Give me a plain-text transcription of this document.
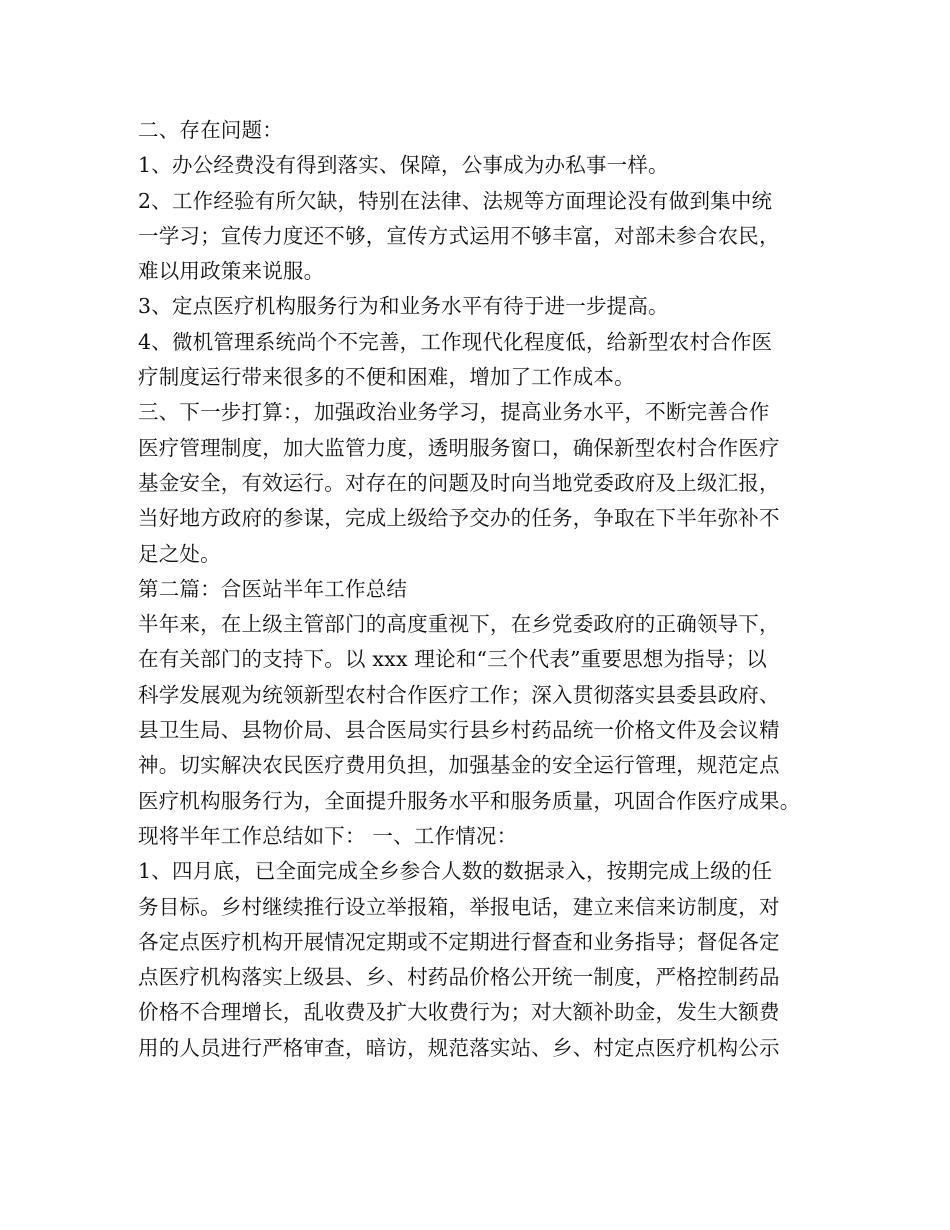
二、存在问题：
1、办公经费没有得到落实、保障，公事成为办私事一样。
2、工作经验有所欠缺，特别在法律、法规等方面理论没有做到集中统
一学习；宣传力度还不够，宣传方式运用不够丰富，对部未参合农民，
难以用政策来说服。
3、定点医疗机构服务行为和业务水平有待于进一步提高。
4、微机管理系统尚个不完善，工作现代化程度低，给新型农村合作医
疗制度运行带来很多的不便和困难，增加了工作成本。
三、下一步打算：，加强政治业务学习，提高业务水平，不断完善合作
医疗管理制度，加大监管力度，透明服务窗口，确保新型农村合作医疗
基金安全，有效运行。对存在的问题及时向当地党委政府及上级汇报，
当好地方政府的参谋，完成上级给予交办的任务，争取在下半年弥补不
足之处。
第二篇：合医站半年工作总结
半年来，在上级主管部门的高度重视下，在乡党委政府的正确领导下，
在有关部门的支持下。以 xxx 理论和“三个代表”重要思想为指导；以
科学发展观为统领新型农村合作医疗工作；深入贯彻落实县委县政府、
县卫生局、县物价局、县合医局实行县乡村药品统一价格文件及会议精
神。切实解决农民医疗费用负担，加强基金的安全运行管理，规范定点
医疗机构服务行为，全面提升服务水平和服务质量，巩固合作医疗成果。
现将半年工作总结如下： 一、工作情况：
1、四月底，已全面完成全乡参合人数的数据录入，按期完成上级的任
务目标。乡村继续推行设立举报箱，举报电话，建立来信来访制度，对
各定点医疗机构开展情况定期或不定期进行督查和业务指导；督促各定
点医疗机构落实上级县、乡、村药品价格公开统一制度，严格控制药品
价格不合理增长，乱收费及扩大收费行为；对大额补助金，发生大额费
用的人员进行严格审查，暗访，规范落实站、乡、村定点医疗机构公示
